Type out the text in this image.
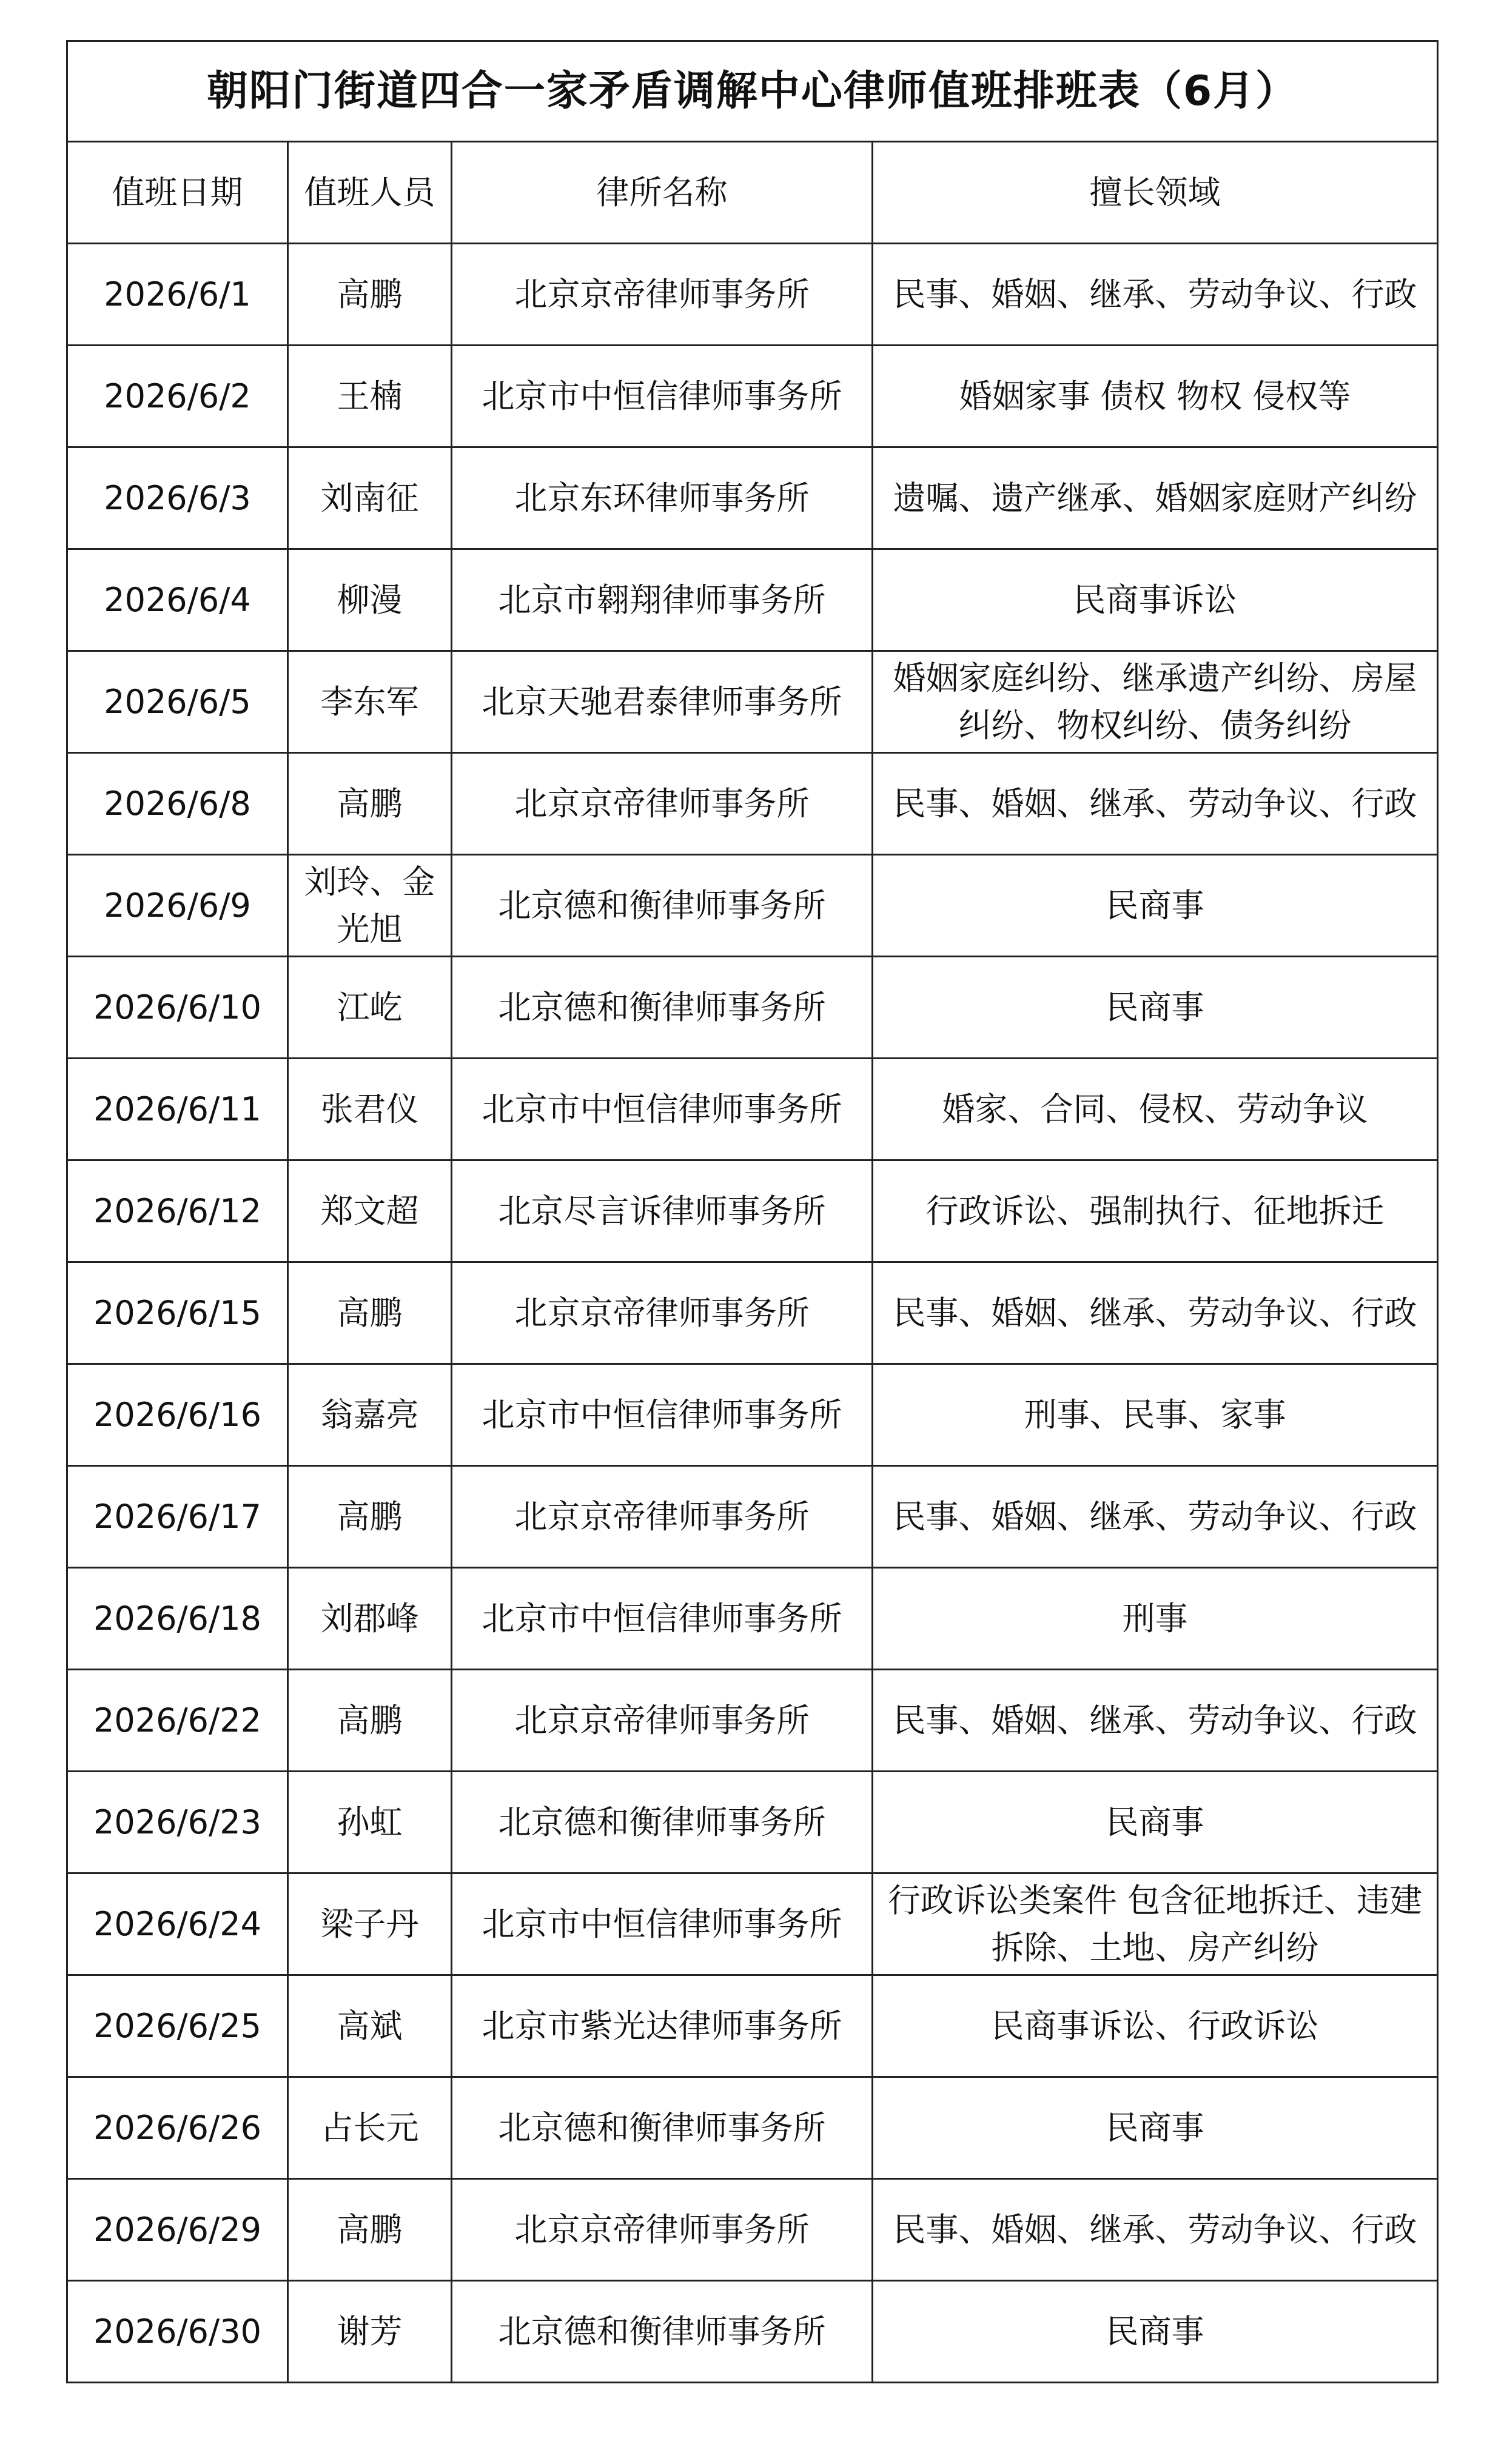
朝阳门街道四合一家矛盾调解中心律师值班排班表（6月）			
值班日期	值班人员	律所名称	擅长领域
2026/6/1	高鹏	北京京帝律师事务所	民事、婚姻、继承、劳动争议、行政
2026/6/2	王楠	北京市中恒信律师事务所	婚姻家事 债权 物权 侵权等
2026/6/3	刘南征	北京东环律师事务所	遗嘱、遗产继承、婚姻家庭财产纠纷
2026/6/4	柳漫	北京市翱翔律师事务所	民商事诉讼
2026/6/5	李东军	北京天驰君泰律师事务所	婚姻家庭纠纷、继承遗产纠纷、房屋纠纷、物权纠纷、债务纠纷
2026/6/8	高鹏	北京京帝律师事务所	民事、婚姻、继承、劳动争议、行政
2026/6/9	刘玲、金光旭	北京德和衡律师事务所	民商事
2026/6/10	江屹	北京德和衡律师事务所	民商事
2026/6/11	张君仪	北京市中恒信律师事务所	婚家、合同、侵权、劳动争议
2026/6/12	郑文超	北京尽言诉律师事务所	行政诉讼、强制执行、征地拆迁
2026/6/15	高鹏	北京京帝律师事务所	民事、婚姻、继承、劳动争议、行政
2026/6/16	翁嘉亮	北京市中恒信律师事务所	刑事、民事、家事
2026/6/17	高鹏	北京京帝律师事务所	民事、婚姻、继承、劳动争议、行政
2026/6/18	刘郡峰	北京市中恒信律师事务所	刑事
2026/6/22	高鹏	北京京帝律师事务所	民事、婚姻、继承、劳动争议、行政
2026/6/23	孙虹	北京德和衡律师事务所	民商事
2026/6/24	梁子丹	北京市中恒信律师事务所	行政诉讼类案件 包含征地拆迁、违建拆除、土地、房产纠纷
2026/6/25	高斌	北京市紫光达律师事务所	民商事诉讼、行政诉讼
2026/6/26	占长元	北京德和衡律师事务所	民商事
2026/6/29	高鹏	北京京帝律师事务所	民事、婚姻、继承、劳动争议、行政
2026/6/30	谢芳	北京德和衡律师事务所	民商事
